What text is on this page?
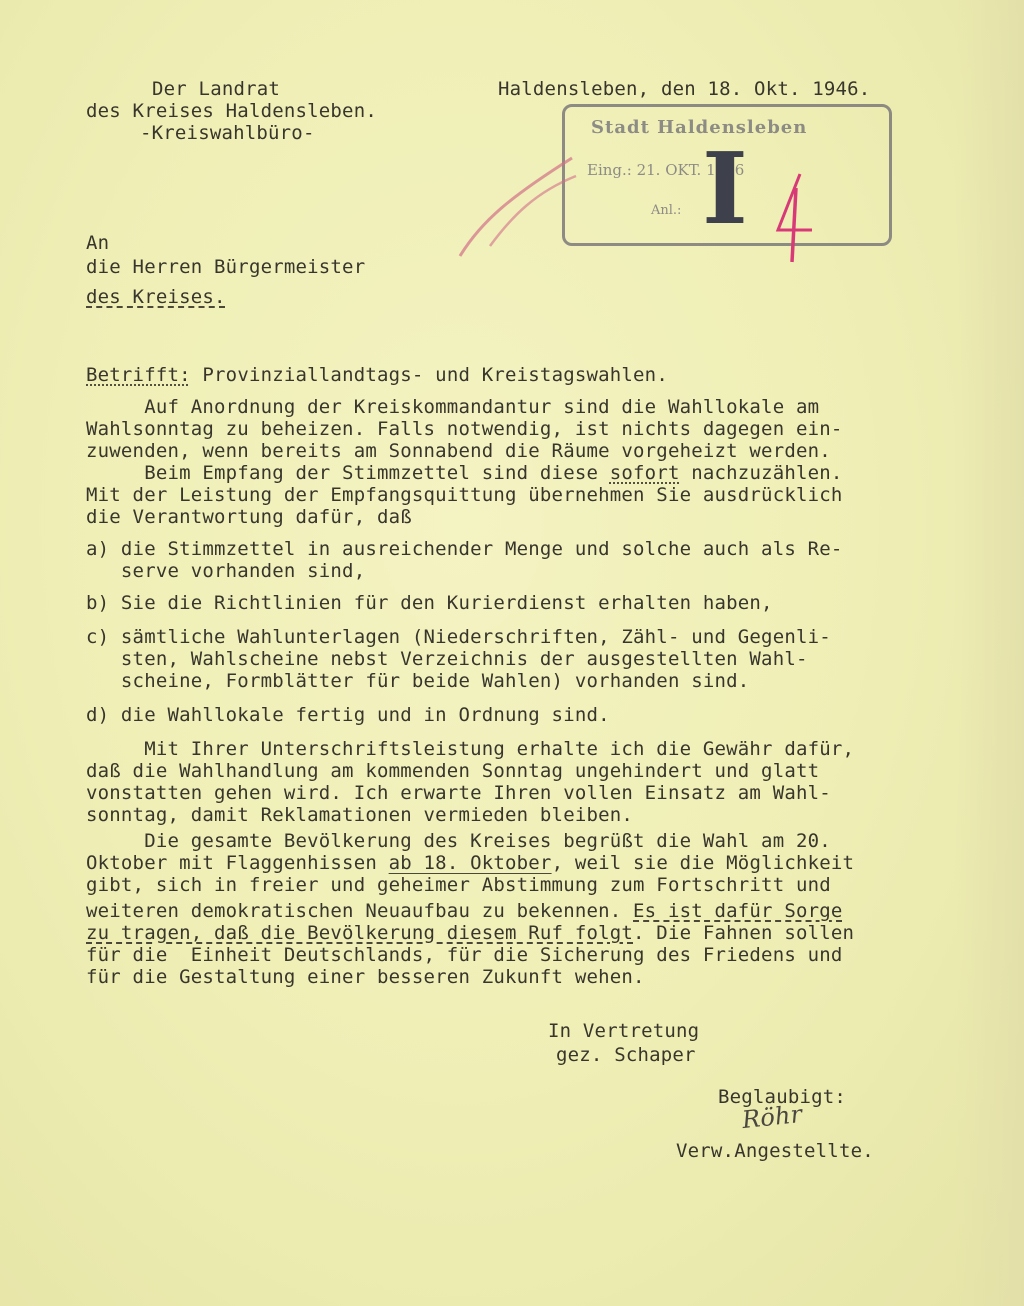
Der Landrat
des Kreises Haldensleben.
-Kreiswahlbüro-
Haldensleben, den 18. Okt. 1946.
Stadt Haldensleben
Eing.: 21. OKT. 1946
Anl.: I
An
die Herren Bürgermeister
des Kreises.
Betrifft: Provinziallandtags- und Kreistagswahlen.
Auf Anordnung der Kreiskommandantur sind die Wahllokale am
Wahlsonntag zu beheizen. Falls notwendig, ist nichts dagegen ein-
zuwenden, wenn bereits am Sonnabend die Räume vorgeheizt werden.
Beim Empfang der Stimmzettel sind diese sofort nachzuzählen.
Mit der Leistung der Empfangsquittung übernehmen Sie ausdrücklich
die Verantwortung dafür, daß
a) die Stimmzettel in ausreichender Menge und solche auch als Re-
serve vorhanden sind,
b) Sie die Richtlinien für den Kurierdienst erhalten haben,
c) sämtliche Wahlunterlagen (Niederschriften, Zähl- und Gegenli-
sten, Wahlscheine nebst Verzeichnis der ausgestellten Wahl-
scheine, Formblätter für beide Wahlen) vorhanden sind.
d) die Wahllokale fertig und in Ordnung sind.
Mit Ihrer Unterschriftsleistung erhalte ich die Gewähr dafür,
daß die Wahlhandlung am kommenden Sonntag ungehindert und glatt
vonstatten gehen wird. Ich erwarte Ihren vollen Einsatz am Wahl-
sonntag, damit Reklamationen vermieden bleiben.
Die gesamte Bevölkerung des Kreises begrüßt die Wahl am 20.
Oktober mit Flaggenhissen ab 18. Oktober, weil sie die Möglichkeit
gibt, sich in freier und geheimer Abstimmung zum Fortschritt und
weiteren demokratischen Neuaufbau zu bekennen. Es ist dafür Sorge
zu tragen, daß die Bevölkerung diesem Ruf folgt. Die Fahnen sollen
für die  Einheit Deutschlands, für die Sicherung des Friedens und
für die Gestaltung einer besseren Zukunft wehen.
In Vertretung
gez. Schaper
Beglaubigt:
Röhr
Verw.Angestellte.
